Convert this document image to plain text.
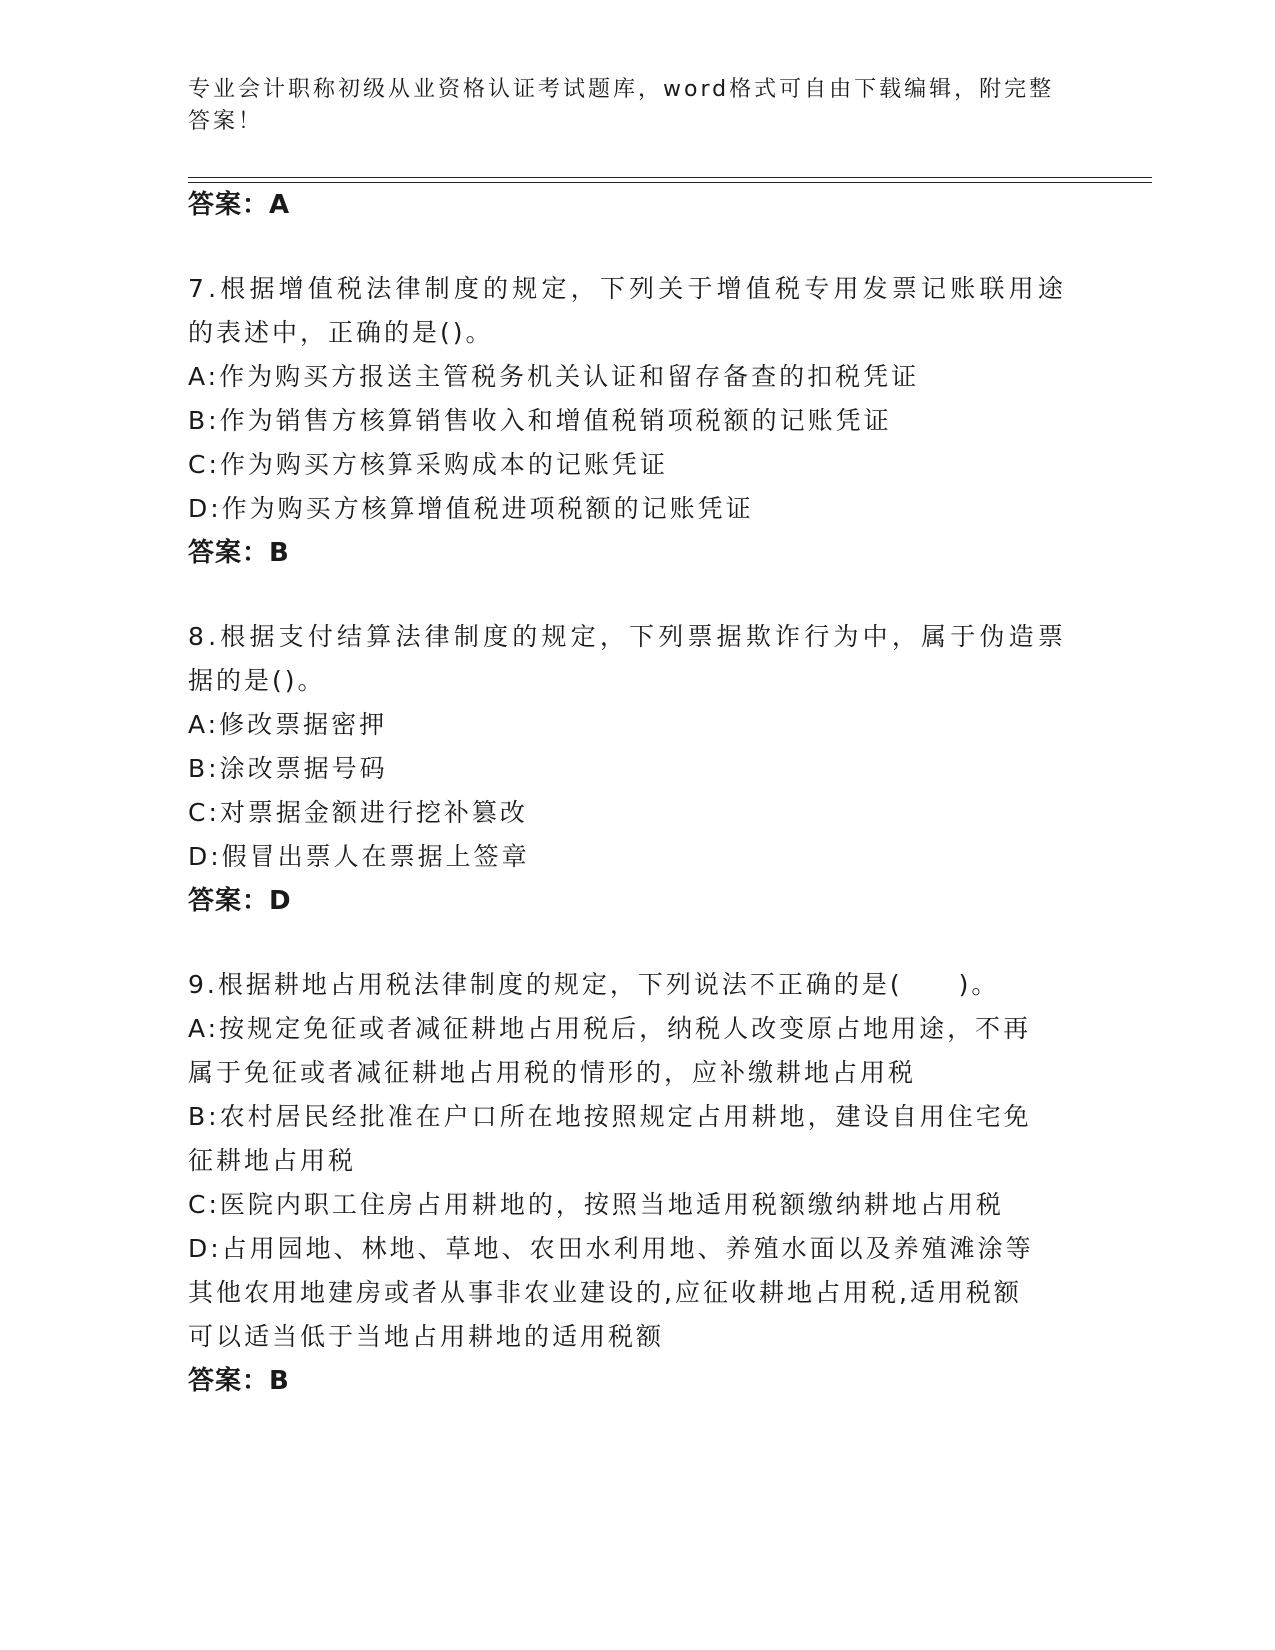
专业会计职称初级从业资格认证考试题库，word格式可自由下载编辑，附完整答案！
答案：A
7.根据增值税法律制度的规定，下列关于增值税专用发票记账联用途
的表述中，正确的是()。
A:作为购买方报送主管税务机关认证和留存备查的扣税凭证
B:作为销售方核算销售收入和增值税销项税额的记账凭证
C:作为购买方核算采购成本的记账凭证
D:作为购买方核算增值税进项税额的记账凭证
答案：B
8.根据支付结算法律制度的规定，下列票据欺诈行为中，属于伪造票
据的是()。
A:修改票据密押
B:涂改票据号码
C:对票据金额进行挖补篡改
D:假冒出票人在票据上签章
答案：D
9.根据耕地占用税法律制度的规定，下列说法不正确的是(　　)。
A:按规定免征或者减征耕地占用税后，纳税人改变原占地用途，不再
属于免征或者减征耕地占用税的情形的，应补缴耕地占用税
B:农村居民经批准在户口所在地按照规定占用耕地，建设自用住宅免
征耕地占用税
C:医院内职工住房占用耕地的，按照当地适用税额缴纳耕地占用税
D:占用园地、林地、草地、农田水利用地、养殖水面以及养殖滩涂等
其他农用地建房或者从事非农业建设的,应征收耕地占用税,适用税额
可以适当低于当地占用耕地的适用税额
答案：B
